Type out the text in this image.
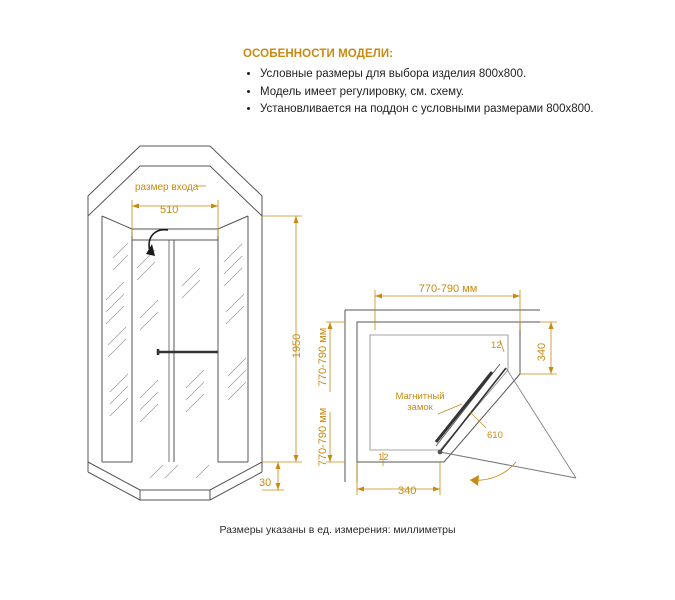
ОСОБЕННОСТИ МОДЕЛИ:
• Условные размеры для выбора изделия 800х800.
• Модель имеет регулировку, см. схему.
• Установливается на поддон с условными размерами 800х800.
размер входа
510
1950
30
770-790 мм
770-790 мм
770-790 мм
340
340
12
12
610
Магнитный
замок
Размеры указаны в ед. измерения: миллиметры
